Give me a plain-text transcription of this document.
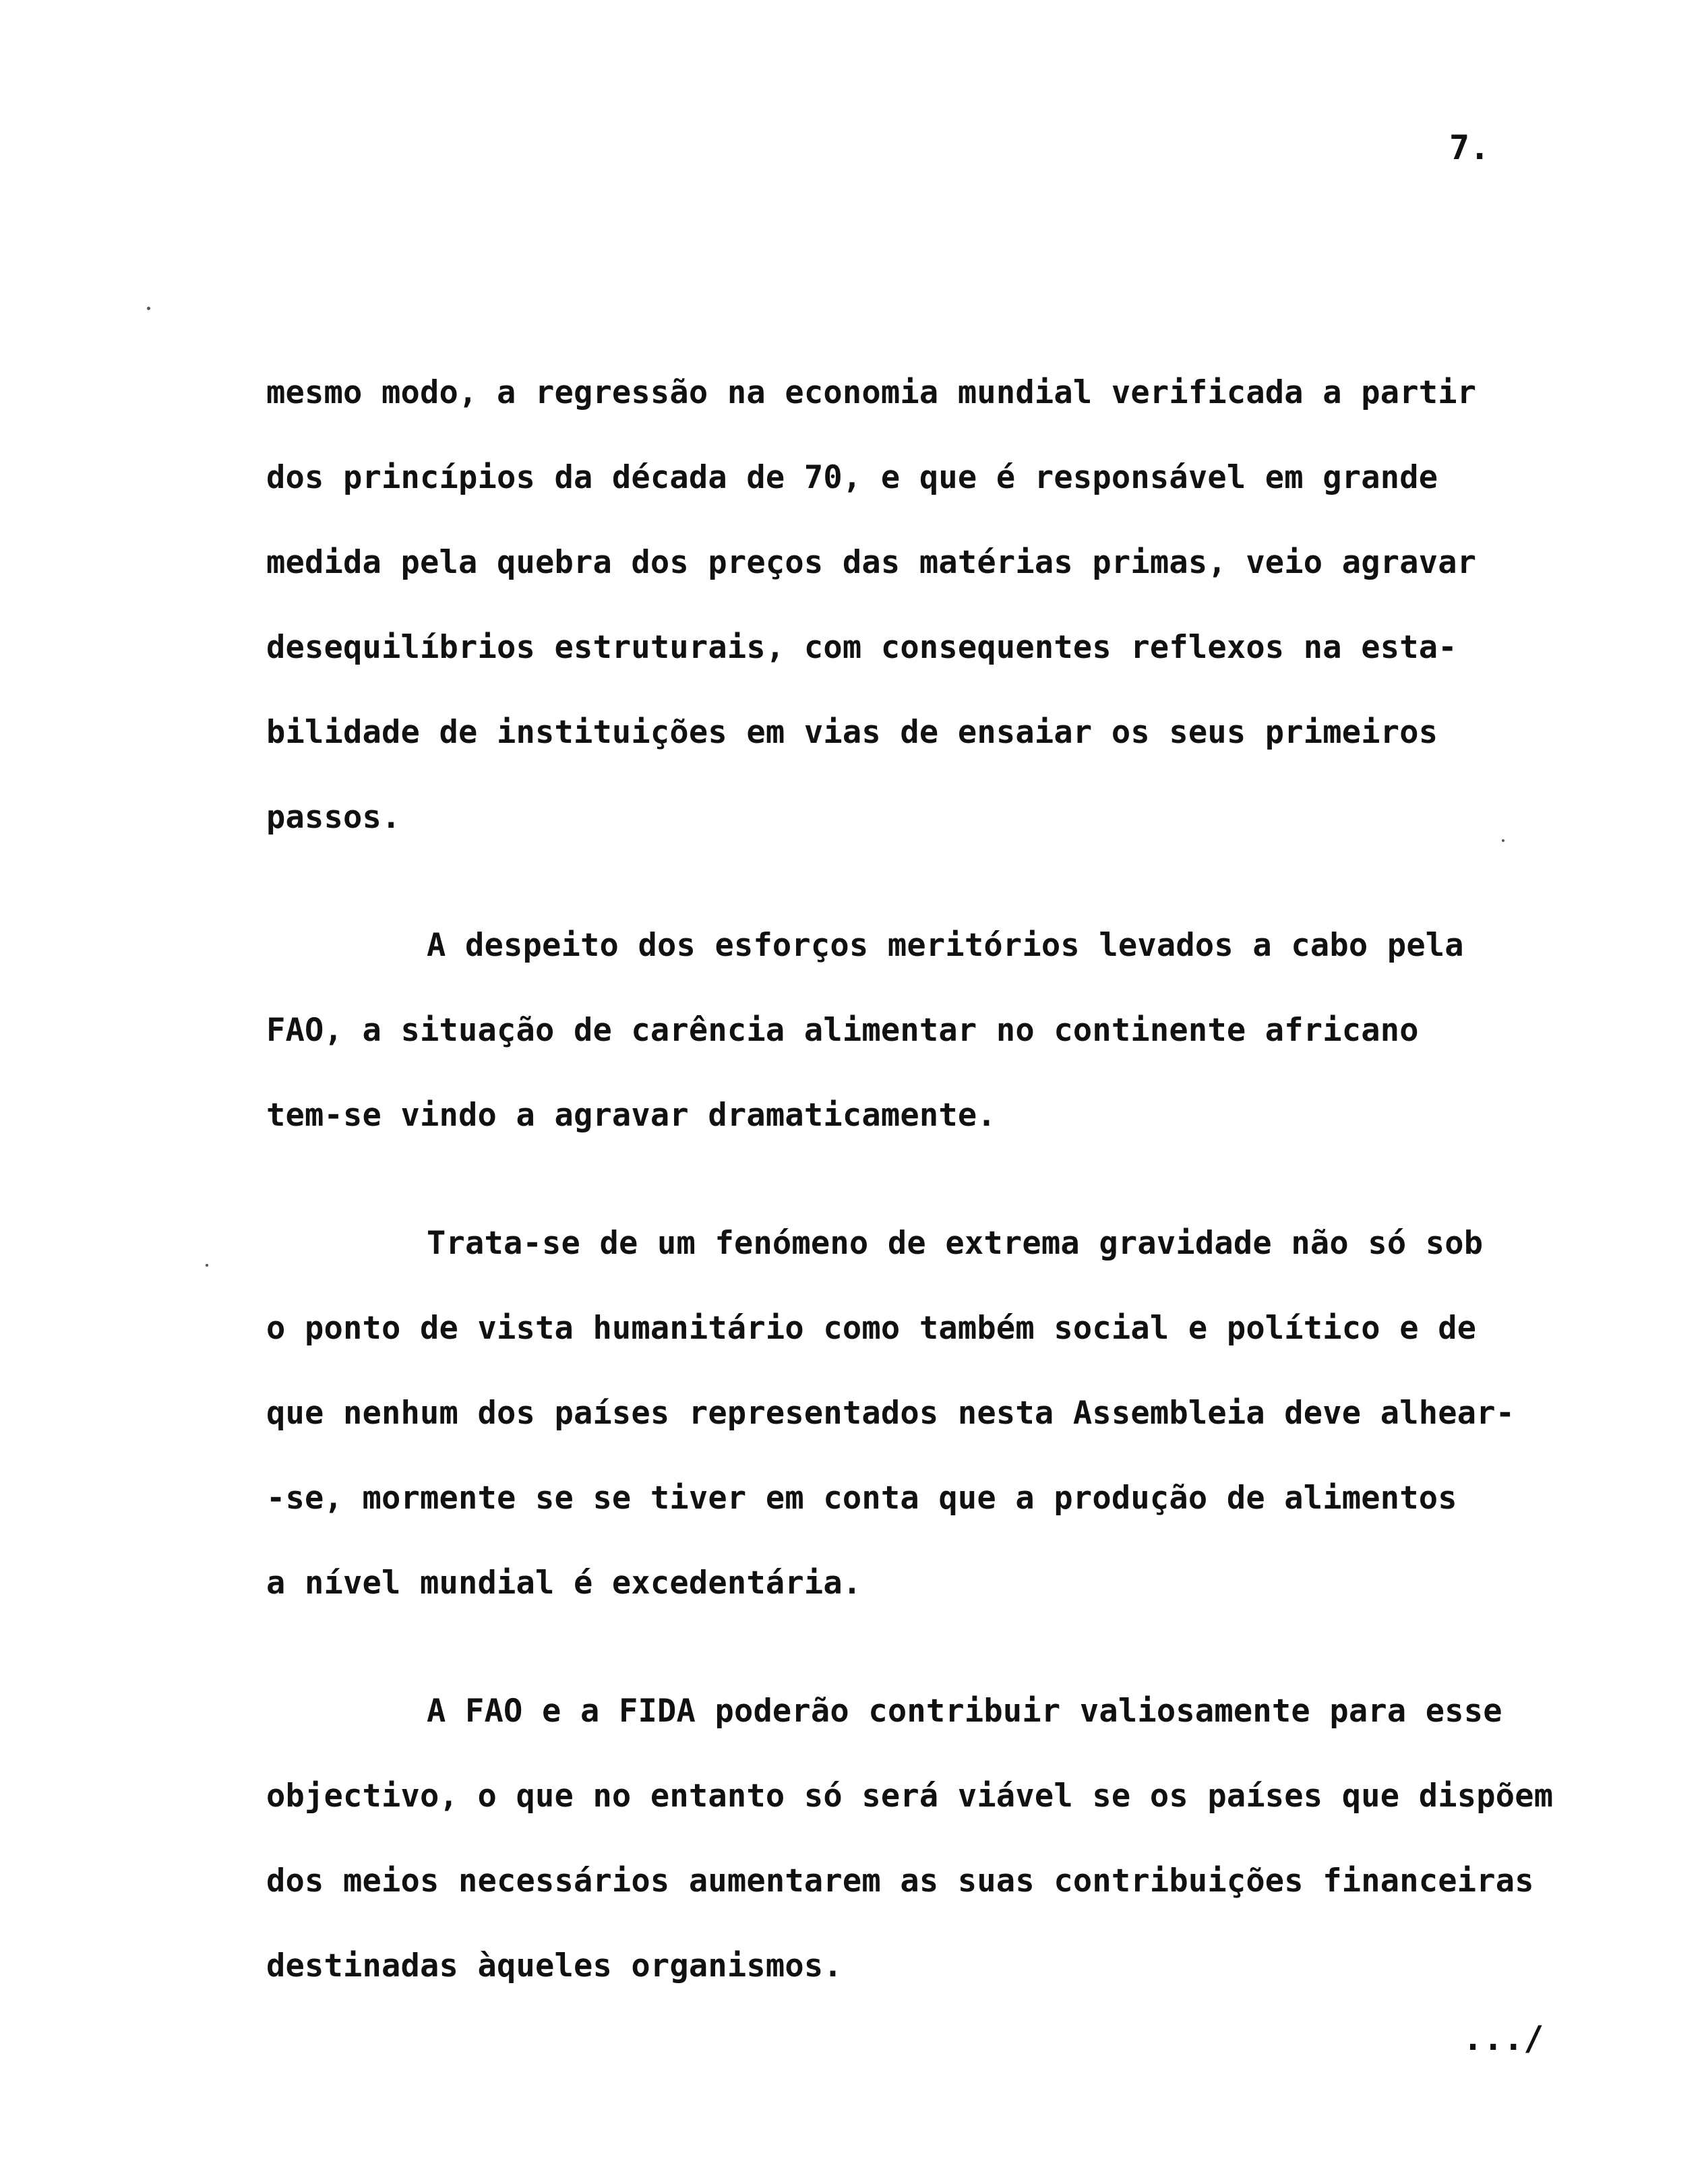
7.

mesmo modo, a regressão na economia mundial verificada a partir
dos princípios da década de 70, e que é responsável em grande
medida pela quebra dos preços das matérias primas, veio agravar
desequilíbrios estruturais, com consequentes reflexos na esta-
bilidade de instituições em vias de ensaiar os seus primeiros
passos.

A despeito dos esforços meritórios levados a cabo pela
FAO, a situação de carência alimentar no continente africano
tem-se vindo a agravar dramaticamente.

Trata-se de um fenómeno de extrema gravidade não só sob
o ponto de vista humanitário como também social e político e de
que nenhum dos países representados nesta Assembleia deve alhear-
-se, mormente se se tiver em conta que a produção de alimentos
a nível mundial é excedentária.

A FAO e a FIDA poderão contribuir valiosamente para esse
objectivo, o que no entanto só será viável se os países que dispõem
dos meios necessários aumentarem as suas contribuições financeiras
destinadas àqueles organismos.

.../
